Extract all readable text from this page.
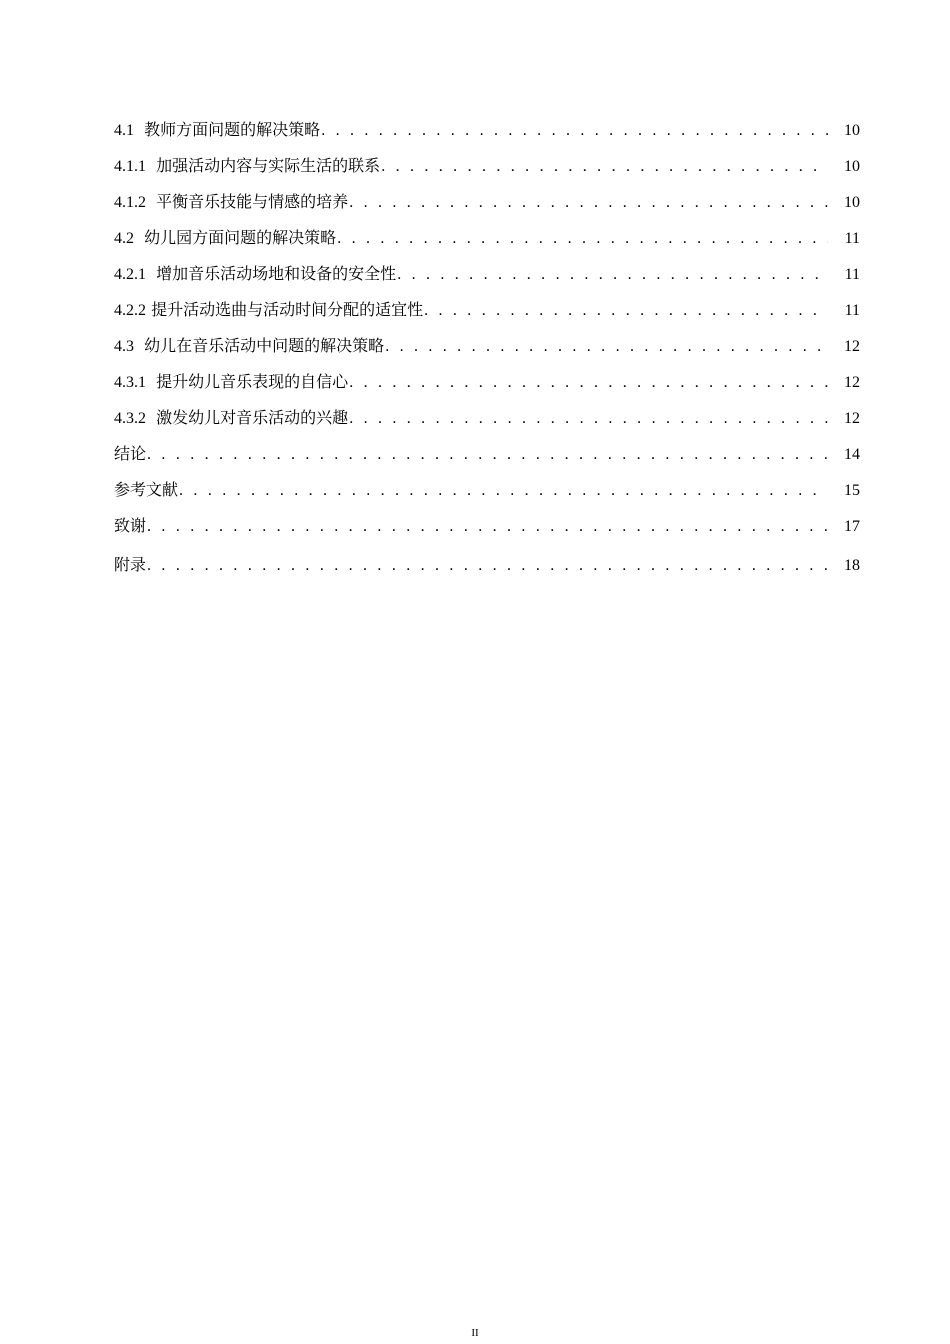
4.1 教师方面问题的解决策略 . . .	10
4.1.1 加强活动内容与实际生活的联系 . . .	10
4.1.2 平衡音乐技能与情感的培养 . . .	10
4.2 幼儿园方面问题的解决策略 . . .	11
4.2.1 增加音乐活动场地和设备的安全性 . . .	11
4.2.2 提升活动选曲与活动时间分配的适宜性 . . .	11
4.3 幼儿在音乐活动中问题的解决策略 . . .	12
4.3.1 提升幼儿音乐表现的自信心 . . .	12
4.3.2 激发幼儿对音乐活动的兴趣 . . .	12
结论 . . .	14
参考文献 . . .	15
致谢 . . .	17
附录 . . .	18
II
